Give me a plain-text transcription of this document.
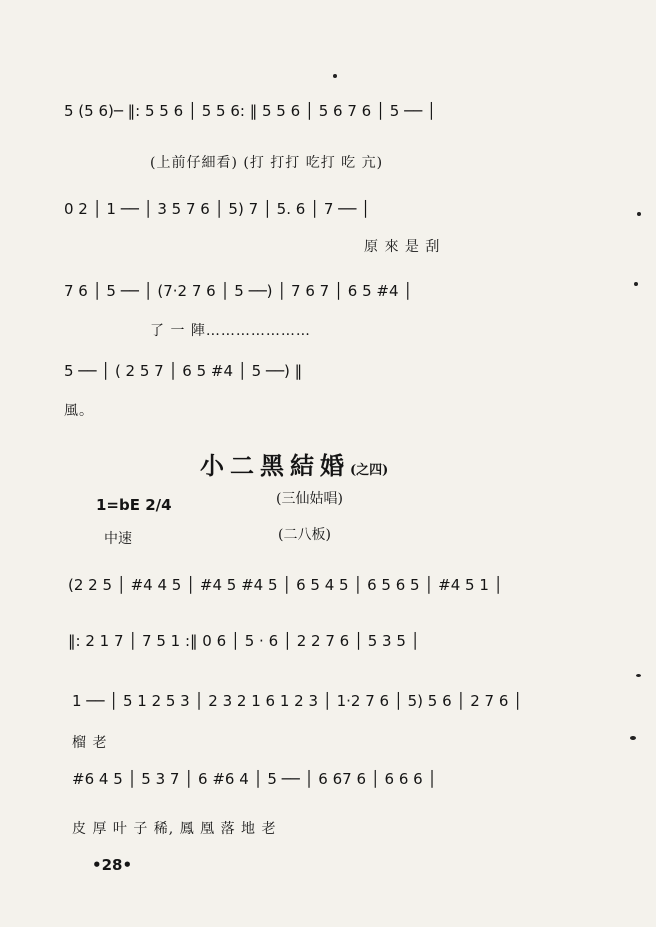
5 (5 6)─ ‖: 5 5 6 │ 5 5 6: ‖ 5 5 6 │ 5 6 7 6 │ 5 ── │
(上前仔細看) (打 打打 吃打 吃 亢)
0 2 │ 1 ── │ 3 5 7 6 │ 5) 7 │ 5. 6 │ 7 ── │
原 來 是 刮
7 6 │ 5 ── │ (7·2 7 6 │ 5 ──) │ 7 6 7 │ 6 5 #4 │
了 一 陣…………………
5 ── │ ( 2 5 7 │ 6 5 #4 │ 5 ──) ‖
風。
小二黑結婚(之四)
1=bE 2/4	(三仙姑唱)
中速	(二八板)
(2 2 5 │ #4 4 5 │ #4 5 #4 5 │ 6 5 4 5 │ 6 5 6 5 │ #4 5 1 │
‖: 2 1 7 │ 7 5 1 :‖ 0 6 │ 5 · 6 │ 2 2 7 6 │ 5 3 5 │
1 ── │ 5 1 2 5 3 │ 2 3 2 1 6 1 2 3 │ 1·2 7 6 │ 5) 5 6 │ 2 7 6 │
榴 老
#6 4 5 │ 5 3 7 │ 6 #6 4 │ 5 ── │ 6 67 6 │ 6 6 6 │
皮 厚 叶 子 稀, 鳳 凰 落 地 老
•28•
